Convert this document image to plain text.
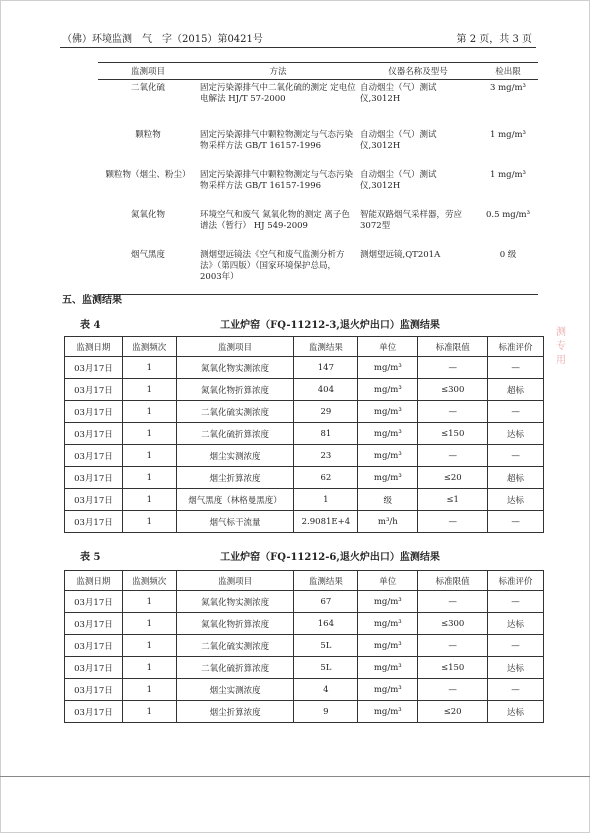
（佛）环境监测　气　字（2015）第0421号	第 2 页，共 3 页
监测项目	方法	仪器名称及型号	检出限
二氧化硫	固定污染源排气中二氧化硫的测定 定电位电解法 HJ/T 57-2000	自动烟尘（气）测试仪,3012H	3 mg/m³
颗粒物	固定污染源排气中颗粒物测定与气态污染物采样方法 GB/T 16157-1996	自动烟尘（气）测试仪,3012H	1 mg/m³
颗粒物（烟尘、粉尘）	固定污染源排气中颗粒物测定与气态污染物采样方法 GB/T 16157-1996	自动烟尘（气）测试仪,3012H	1 mg/m³
氮氧化物	环境空气和废气 氮氧化物的测定 离子色谱法（暂行） HJ 549-2009	智能双路烟气采样器，劳应3072型	0.5 mg/m³
烟气黑度	测烟望远镜法《空气和废气监测分析方法》（第四版）（国家环境保护总局，2003年）	测烟望远镜,QT201A	0 级
五、监测结果
表 4	工业炉窑（FQ-11212-3,退火炉出口）监测结果
监测日期	监测频次	监测项目	监测结果	单位	标准限值	标准评价
03月17日	1	氮氧化物实测浓度	147	mg/m³	—	—
03月17日	1	氮氧化物折算浓度	404	mg/m³	≤300	超标
03月17日	1	二氧化硫实测浓度	29	mg/m³	—	—
03月17日	1	二氧化硫折算浓度	81	mg/m³	≤150	达标
03月17日	1	烟尘实测浓度	23	mg/m³	—	—
03月17日	1	烟尘折算浓度	62	mg/m³	≤20	超标
03月17日	1	烟气黑度（林格曼黑度）	1	级	≤1	达标
03月17日	1	烟气标干流量	2.9081E+4	m³/h	—	—
表 5	工业炉窑（FQ-11212-6,退火炉出口）监测结果
监测日期	监测频次	监测项目	监测结果	单位	标准限值	标准评价
03月17日	1	氮氧化物实测浓度	67	mg/m³	—	—
03月17日	1	氮氧化物折算浓度	164	mg/m³	≤300	达标
03月17日	1	二氧化硫实测浓度	5L	mg/m³	—	—
03月17日	1	二氧化硫折算浓度	5L	mg/m³	≤150	达标
03月17日	1	烟尘实测浓度	4	mg/m³	—	—
03月17日	1	烟尘折算浓度	9	mg/m³	≤20	达标
测
专
用
